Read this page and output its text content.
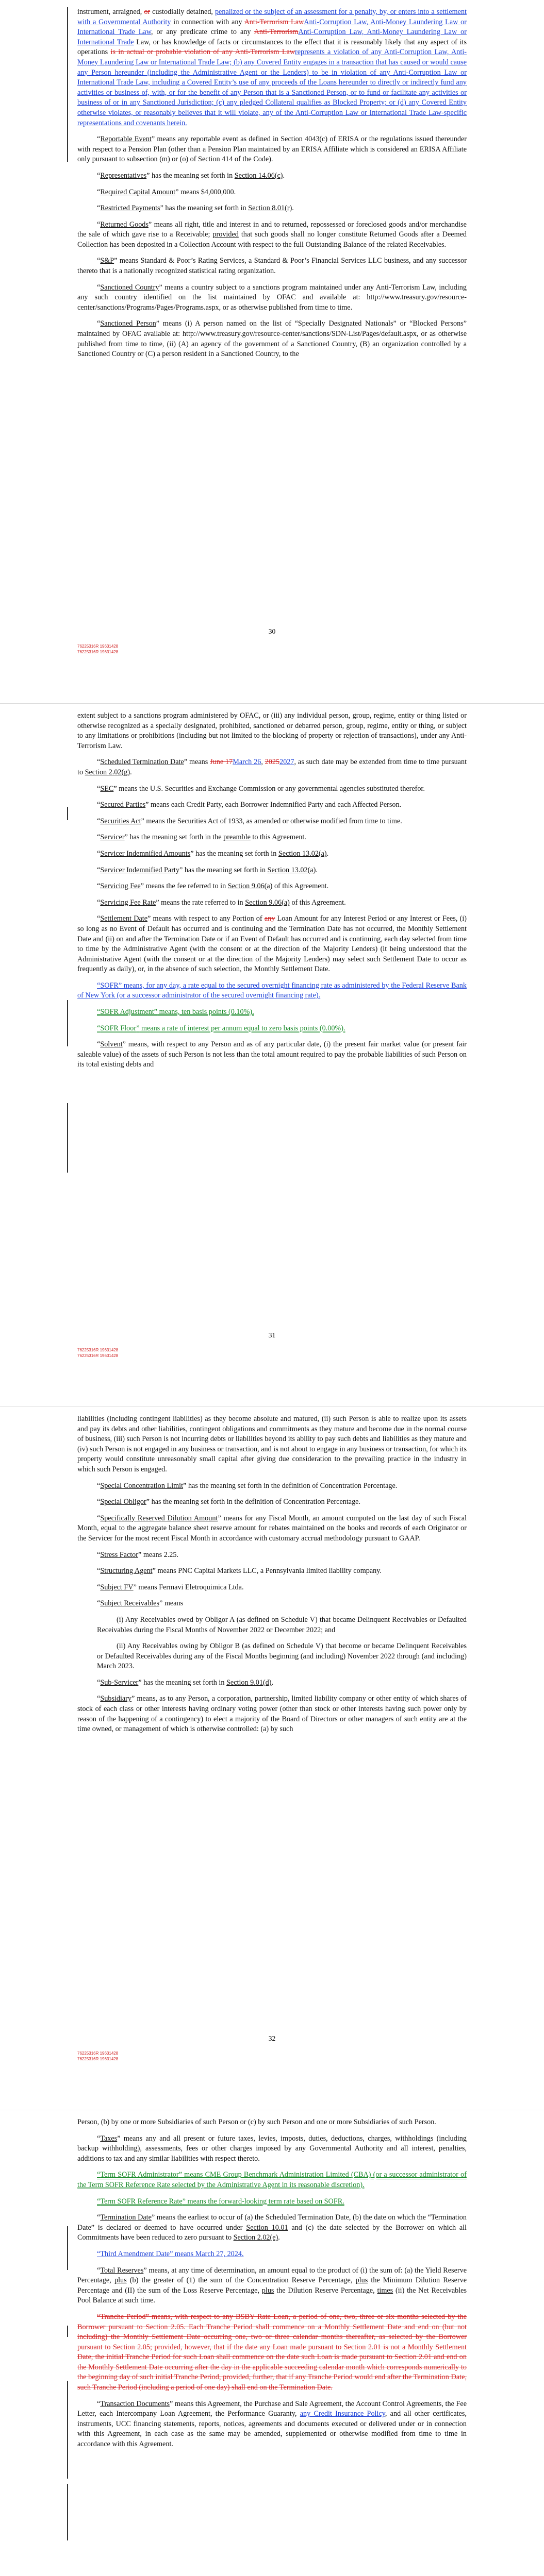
instrument, arraigned, or custodially detained, penalized or the subject of an assessment for a penalty, by, or enters into a settlement with a Governmental Authority in connection with any Anti-Terrorism LawAnti-Corruption Law, Anti-Money Laundering Law or International Trade Law, or any predicate crime to any Anti-TerrorismAnti-Corruption Law, Anti-Money Laundering Law or International Trade Law, or has knowledge of facts or circumstances to the effect that it is reasonably likely that any aspect of its operations is in actual or probable violation of any Anti-Terrorism Lawrepresents a violation of any Anti-Corruption Law, Anti-Money Laundering Law or International Trade Law; (b) any Covered Entity engages in a transaction that has caused or would cause any Person hereunder (including the Administrative Agent or the Lenders) to be in violation of any Anti-Corruption Law or International Trade Law, including a Covered Entity’s use of any proceeds of the Loans hereunder to directly or indirectly fund any activities or business of, with, or for the benefit of any Person that is a Sanctioned Person, or to fund or facilitate any activities or business of or in any Sanctioned Jurisdiction; (c) any pledged Collateral qualifies as Blocked Property; or (d) any Covered Entity otherwise violates, or reasonably believes that it will violate, any of the Anti-Corruption Law or International Trade Law-specific representations and covenants herein.

“Reportable Event” means any reportable event as defined in Section 4043(c) of ERISA or the regulations issued thereunder with respect to a Pension Plan (other than a Pension Plan maintained by an ERISA Affiliate which is considered an ERISA Affiliate only pursuant to subsection (m) or (o) of Section 414 of the Code).

“Representatives” has the meaning set forth in Section 14.06(c).

“Required Capital Amount” means $4,000,000.

“Restricted Payments” has the meaning set forth in Section 8.01(r).

“Returned Goods” means all right, title and interest in and to returned, repossessed or foreclosed goods and/or merchandise the sale of which gave rise to a Receivable; provided that such goods shall no longer constitute Returned Goods after a Deemed Collection has been deposited in a Collection Account with respect to the full Outstanding Balance of the related Receivables.

“S&P” means Standard & Poor’s Rating Services, a Standard & Poor’s Financial Services LLC business, and any successor thereto that is a nationally recognized statistical rating organization.

“Sanctioned Country” means a country subject to a sanctions program maintained under any Anti-Terrorism Law, including any such country identified on the list maintained by OFAC and available at: http://www.treasury.gov/resource-center/sanctions/Programs/Pages/Programs.aspx, or as otherwise published from time to time.

“Sanctioned Person” means (i) A person named on the list of “Specially Designated Nationals” or “Blocked Persons” maintained by OFAC available at: http://www.treasury.gov/resource-center/sanctions/SDN-List/Pages/default.aspx, or as otherwise published from time to time, (ii) (A) an agency of the government of a Sanctioned Country, (B) an organization controlled by a Sanctioned Country or (C) a person resident in a Sanctioned Country, to the

30
76225316R 19631428
76225316R 19631428

extent subject to a sanctions program administered by OFAC, or (iii) any individual person, group, regime, entity or thing listed or otherwise recognized as a specially designated, prohibited, sanctioned or debarred person, group, regime, entity or thing, or subject to any limitations or prohibitions (including but not limited to the blocking of property or rejection of transactions), under any Anti-Terrorism Law.

“Scheduled Termination Date” means June 17March 26, 20252027, as such date may be extended from time to time pursuant to Section 2.02(g).

“SEC” means the U.S. Securities and Exchange Commission or any governmental agencies substituted therefor.

“Secured Parties” means each Credit Party, each Borrower Indemnified Party and each Affected Person.

“Securities Act” means the Securities Act of 1933, as amended or otherwise modified from time to time.

“Servicer” has the meaning set forth in the preamble to this Agreement.

“Servicer Indemnified Amounts” has the meaning set forth in Section 13.02(a).

“Servicer Indemnified Party” has the meaning set forth in Section 13.02(a).

“Servicing Fee” means the fee referred to in Section 9.06(a) of this Agreement.

“Servicing Fee Rate” means the rate referred to in Section 9.06(a) of this Agreement.

“Settlement Date” means with respect to any Portion of any Loan Amount for any Interest Period or any Interest or Fees, (i) so long as no Event of Default has occurred and is continuing and the Termination Date has not occurred, the Monthly Settlement Date and (ii) on and after the Termination Date or if an Event of Default has occurred and is continuing, each day selected from time to time by the Administrative Agent (with the consent or at the direction of the Majority Lenders) (it being understood that the Administrative Agent (with the consent or at the direction of the Majority Lenders) may select such Settlement Date to occur as frequently as daily), or, in the absence of such selection, the Monthly Settlement Date.

“SOFR” means, for any day, a rate equal to the secured overnight financing rate as administered by the Federal Reserve Bank of New York (or a successor administrator of the secured overnight financing rate).

“SOFR Adjustment” means, ten basis points (0.10%).

“SOFR Floor” means a rate of interest per annum equal to zero basis points (0.00%).

“Solvent” means, with respect to any Person and as of any particular date, (i) the present fair market value (or present fair saleable value) of the assets of such Person is not less than the total amount required to pay the probable liabilities of such Person on its total existing debts and

31
76225316R 19631428
76225316R 19631428

liabilities (including contingent liabilities) as they become absolute and matured, (ii) such Person is able to realize upon its assets and pay its debts and other liabilities, contingent obligations and commitments as they mature and become due in the normal course of business, (iii) such Person is not incurring debts or liabilities beyond its ability to pay such debts and liabilities as they mature and (iv) such Person is not engaged in any business or transaction, and is not about to engage in any business or transaction, for which its property would constitute unreasonably small capital after giving due consideration to the prevailing practice in the industry in which such Person is engaged.

“Special Concentration Limit” has the meaning set forth in the definition of Concentration Percentage.

“Special Obligor” has the meaning set forth in the definition of Concentration Percentage.

“Specifically Reserved Dilution Amount” means for any Fiscal Month, an amount computed on the last day of such Fiscal Month, equal to the aggregate balance sheet reserve amount for rebates maintained on the books and records of each Originator or the Servicer for the most recent Fiscal Month in accordance with customary accrual methodology pursuant to GAAP.

“Stress Factor” means 2.25.

“Structuring Agent” means PNC Capital Markets LLC, a Pennsylvania limited liability company.

“Subject FV” means Fermavi Eletroquimica Ltda.

“Subject Receivables” means

(i) Any Receivables owed by Obligor A (as defined on Schedule V) that became Delinquent Receivables or Defaulted Receivables during the Fiscal Months of November 2022 or December 2022; and

(ii) Any Receivables owing by Obligor B (as defined on Schedule V) that become or became Delinquent Receivables or Defaulted Receivables during any of the Fiscal Months beginning (and including) November 2022 through (and including) March 2023.

“Sub-Servicer” has the meaning set forth in Section 9.01(d).

“Subsidiary” means, as to any Person, a corporation, partnership, limited liability company or other entity of which shares of stock of each class or other interests having ordinary voting power (other than stock or other interests having such power only by reason of the happening of a contingency) to elect a majority of the Board of Directors or other managers of such entity are at the time owned, or management of which is otherwise controlled: (a) by such

32
76225316R 19631428
76225316R 19631428

Person, (b) by one or more Subsidiaries of such Person or (c) by such Person and one or more Subsidiaries of such Person.

“Taxes” means any and all present or future taxes, levies, imposts, duties, deductions, charges, withholdings (including backup withholding), assessments, fees or other charges imposed by any Governmental Authority and all interest, penalties, additions to tax and any similar liabilities with respect thereto.

“Term SOFR Administrator” means CME Group Benchmark Administration Limited (CBA) (or a successor administrator of the Term SOFR Reference Rate selected by the Administrative Agent in its reasonable discretion).

“Term SOFR Reference Rate” means the forward-looking term rate based on SOFR.

“Termination Date” means the earliest to occur of (a) the Scheduled Termination Date, (b) the date on which the “Termination Date” is declared or deemed to have occurred under Section 10.01 and (c) the date selected by the Borrower on which all Commitments have been reduced to zero pursuant to Section 2.02(e).

“Third Amendment Date” means March 27, 2024.

“Total Reserves” means, at any time of determination, an amount equal to the product of (i) the sum of: (a) the Yield Reserve Percentage, plus (b) the greater of (1) the sum of the Concentration Reserve Percentage, plus the Minimum Dilution Reserve Percentage and (II) the sum of the Loss Reserve Percentage, plus the Dilution Reserve Percentage, times (ii) the Net Receivables Pool Balance at such time.

“Tranche Period” means, with respect to any BSBY Rate Loan, a period of one, two, three or six months selected by the Borrower pursuant to Section 2.05. Each Tranche Period shall commence on a Monthly Settlement Date and end on (but not including) the Monthly Settlement Date occurring one, two or three calendar months thereafter, as selected by the Borrower pursuant to Section 2.05; provided, however, that if the date any Loan made pursuant to Section 2.01 is not a Monthly Settlement Date, the initial Tranche Period for such Loan shall commence on the date such Loan is made pursuant to Section 2.01 and end on the Monthly Settlement Date occurring after the day in the applicable succeeding calendar month which corresponds numerically to the beginning day of such initial Tranche Period, provided, further, that if any Tranche Period would end after the Termination Date, such Tranche Period (including a period of one day) shall end on the Termination Date.

“Transaction Documents” means this Agreement, the Purchase and Sale Agreement, the Account Control Agreements, the Fee Letter, each Intercompany Loan Agreement, the Performance Guaranty, any Credit Insurance Policy, and all other certificates, instruments, UCC financing statements, reports, notices, agreements and documents executed or delivered under or in connection with this Agreement, in each case as the same may be amended, supplemented or otherwise modified from time to time in accordance with this Agreement.
